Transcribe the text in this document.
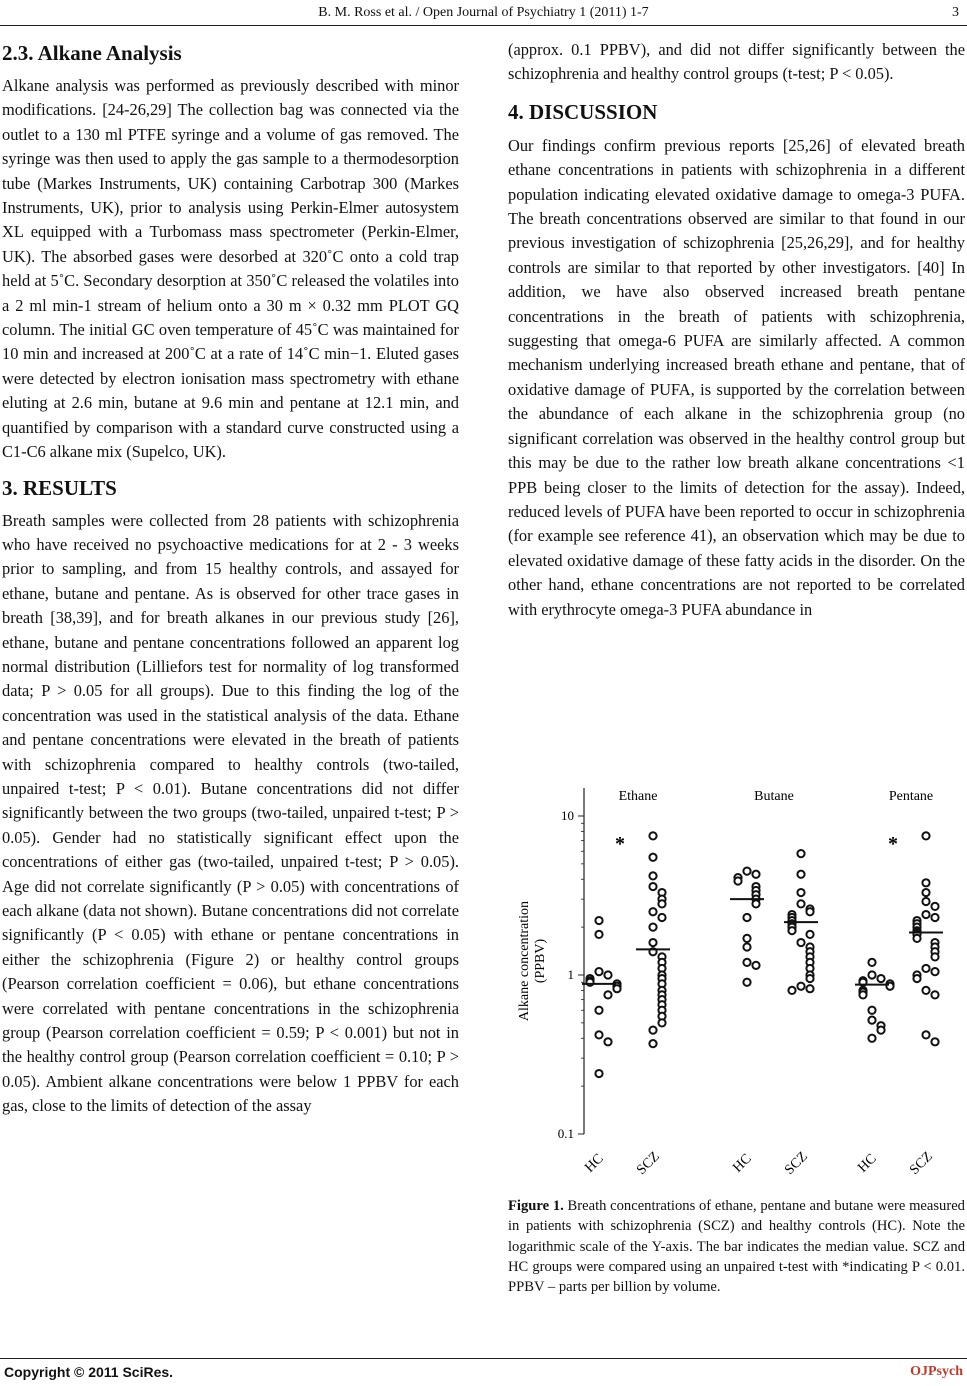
B. M. Ross et al. / Open Journal of Psychiatry 1 (2011) 1-7	3
2.3. Alkane Analysis

Alkane analysis was performed as previously described with minor modifications. [24-26,29] The collection bag was connected via the outlet to a 130 ml PTFE syringe and a volume of gas removed. The syringe was then used to apply the gas sample to a thermodesorption tube (Markes Instruments, UK) containing Carbotrap 300 (Markes Instruments, UK), prior to analysis using Perkin-Elmer autosystem XL equipped with a Turbomass mass spectrometer (Perkin-Elmer, UK). The absorbed gases were desorbed at 320˚C onto a cold trap held at 5˚C. Secondary desorption at 350˚C released the volatiles into a 2 ml min-1 stream of helium onto a 30 m × 0.32 mm PLOT GQ column. The initial GC oven temperature of 45˚C was maintained for 10 min and increased at 200˚C at a rate of 14˚C min−1. Eluted gases were detected by electron ionisation mass spectrometry with ethane eluting at 2.6 min, butane at 9.6 min and pentane at 12.1 min, and quantified by comparison with a standard curve constructed using a C1-C6 alkane mix (Supelco, UK).

3. RESULTS

Breath samples were collected from 28 patients with schizophrenia who have received no psychoactive medications for at 2 - 3 weeks prior to sampling, and from 15 healthy controls, and assayed for ethane, butane and pentane. As is observed for other trace gases in breath [38,39], and for breath alkanes in our previous study [26], ethane, butane and pentane concentrations followed an apparent log normal distribution (Lilliefors test for normality of log transformed data; P > 0.05 for all groups). Due to this finding the log of the concentration was used in the statistical analysis of the data. Ethane and pentane concentrations were elevated in the breath of patients with schizophrenia compared to healthy controls (two-tailed, unpaired t-test; P < 0.01). Butane concentrations did not differ significantly between the two groups (two-tailed, unpaired t-test; P > 0.05). Gender had no statistically significant effect upon the concentrations of either gas (two-tailed, unpaired t-test; P > 0.05). Age did not correlate significantly (P > 0.05) with concentrations of each alkane (data not shown). Butane concentrations did not correlate significantly (P < 0.05) with ethane or pentane concentrations in either the schizophrenia (Figure 2) or healthy control groups (Pearson correlation coefficient = 0.06), but ethane concentrations were correlated with pentane concentrations in the schizophrenia group (Pearson correlation coefficient = 0.59; P < 0.001) but not in the healthy control group (Pearson correlation coefficient = 0.10; P > 0.05). Ambient alkane concentrations were below 1 PPBV for each gas, close to the limits of detection of the assay

(approx. 0.1 PPBV), and did not differ significantly between the schizophrenia and healthy control groups (t-test; P < 0.05).

4. DISCUSSION

Our findings confirm previous reports [25,26] of elevated breath ethane concentrations in patients with schizophrenia in a different population indicating elevated oxidative damage to omega-3 PUFA. The breath concentrations observed are similar to that found in our previous investigation of schizophrenia [25,26,29], and for healthy controls are similar to that reported by other investigators. [40] In addition, we have also observed increased breath pentane concentrations in the breath of patients with schizophrenia, suggesting that omega-6 PUFA are similarly affected. A common mechanism underlying increased breath ethane and pentane, that of oxidative damage of PUFA, is supported by the correlation between the abundance of each alkane in the schizophrenia group (no significant correlation was observed in the healthy control group but this may be due to the rather low breath alkane concentrations <1 PPB being closer to the limits of detection for the assay). Indeed, reduced levels of PUFA have been reported to occur in schizophrenia (for example see reference 41), an observation which may be due to elevated oxidative damage of these fatty acids in the disorder. On the other hand, ethane concentrations are not reported to be correlated with erythrocyte omega-3 PUFA abundance in

0.1
1
10
Alkane concentration(PPBV)
Ethane
*
HC SCZ
Butane
HC SCZ
Pentane
*
HC SCZ
Figure 1. Breath concentrations of ethane, pentane and butane were measured in patients with schizophrenia (SCZ) and healthy controls (HC). Note the logarithmic scale of the Y-axis. The bar indicates the median value. SCZ and HC groups were compared using an unpaired t-test with *indicating P < 0.01. PPBV – parts per billion by volume.
Copyright © 2011 SciRes.	OJPsych
